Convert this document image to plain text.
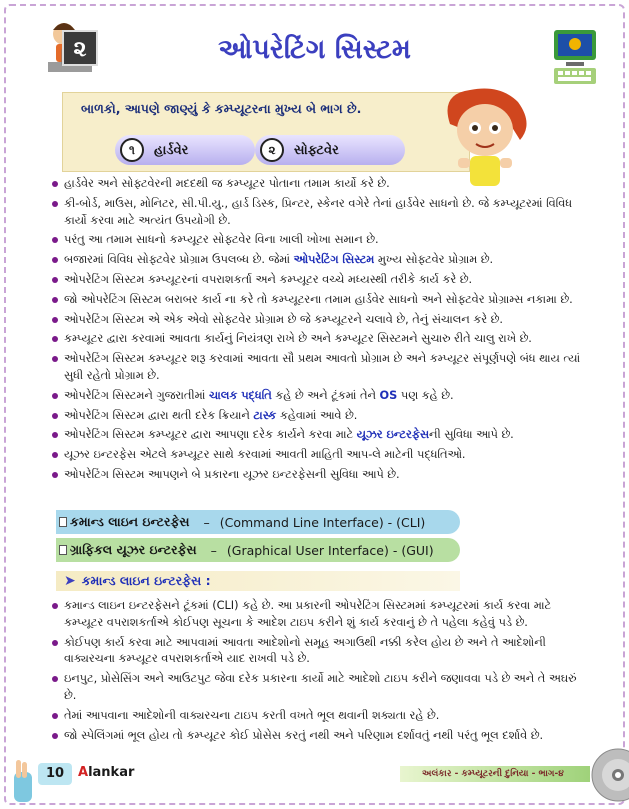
૨	ઓપરેટિંગ સિસ્ટમ
બાળકો, આપણે જાણ્યું કે કમ્પ્યૂટરના મુખ્ય બે ભાગ છે.
૧	હાર્ડવેર	૨	સોફ્ટવેર
હાર્ડવેર અને સોફ્ટવેરની મદદથી જ કમ્પ્યૂટર પોતાના તમામ કાર્યો કરે છે.
કી-બોર્ડ, માઉસ, મોનિટર, સી.પી.યુ., હાર્ડ ડિસ્ક, પ્રિન્ટર, સ્કેનર વગેરે તેનાં હાર્ડવેર સાધનો છે. જે કમ્પ્યૂટરમાં વિવિધ કાર્યો કરવા માટે અત્યંત ઉપયોગી છે.
પરંતુ આ તમામ સાધનો કમ્પ્યૂટર સોફ્ટવેર વિના ખાલી ખોખા સમાન છે.
બજારમાં વિવિધ સોફ્ટવેર પ્રોગ્રામ ઉપલબ્ધ છે. જેમાં ઓપરેટિંગ સિસ્ટમ મુખ્ય સોફ્ટવેર પ્રોગ્રામ છે.
ઓપરેટિંગ સિસ્ટમ કમ્પ્યૂટરનાં વપરાશકર્તા અને કમ્પ્યૂટર વચ્ચે મધ્યસ્થી તરીકે કાર્ય કરે છે.
જો ઓપરેટિંગ સિસ્ટમ બરાબર કાર્ય ના કરે તો કમ્પ્યૂટરના તમામ હાર્ડવેર સાધનો અને સોફ્ટવેર પ્રોગ્રામ્સ નકામા છે.
ઓપરેટિંગ સિસ્ટમ એ એક એવો સોફ્ટવેર પ્રોગ્રામ છે જે કમ્પ્યૂટરને ચલાવે છે, તેનું સંચાલન કરે છે.
કમ્પ્યૂટર દ્વારા કરવામાં આવતા કાર્યનું નિયંત્રણ રાખે છે અને કમ્પ્યૂટર સિસ્ટમને સુચારુ રીતે ચાલુ રાખે છે.
ઓપરેટિંગ સિસ્ટમ કમ્પ્યૂટર શરૂ કરવામાં આવતા સૌ પ્રથમ આવતો પ્રોગ્રામ છે અને કમ્પ્યૂટર સંપૂર્ણપણે બંધ થાય ત્યાં સુધી રહેતો પ્રોગ્રામ છે.
ઓપરેટિંગ સિસ્ટમને ગુજરાતીમાં ચાલક પદ્ધતિ કહે છે અને ટૂંકમાં તેને OS પણ કહે છે.
ઓપરેટિંગ સિસ્ટમ દ્વારા થતી દરેક ક્રિયાને ટાસ્ક કહેવામાં આવે છે.
ઓપરેટિંગ સિસ્ટમ કમ્પ્યૂટર દ્વારા આપણા દરેક કાર્યને કરવા માટે યૂઝર ઇન્ટરફેસની સુવિધા આપે છે.
યૂઝર ઇન્ટરફેસ એટલે કમ્પ્યૂટર સાથે કરવામાં આવતી માહિતી આપ-લે માટેની પદ્ધતિઓ.
ઓપરેટિંગ સિસ્ટમ આપણને બે પ્રકારના યૂઝર ઇન્ટરફેસની સુવિધા આપે છે.
કમાન્ડ લાઇન ઇન્ટરફેસ – (Command Line Interface) - (CLI)
ગ્રાફિકલ યૂઝર ઇન્ટરફેસ – (Graphical User Interface) - (GUI)
➤ કમાન્ડ લાઇન ઇન્ટરફેસ :
કમાન્ડ લાઇન ઇન્ટરફેસને ટૂંકમાં (CLI) કહે છે. આ પ્રકારની ઓપરેટિંગ સિસ્ટમમાં કમ્પ્યૂટરમાં કાર્ય કરવા માટે કમ્પ્યૂટર વપરાશકર્તાએ કોઈપણ સૂચના કે આદેશ ટાઇપ કરીને શું કાર્ય કરવાનું છે તે પહેલા કહેવું પડે છે.
કોઈપણ કાર્ય કરવા માટે આપવામાં આવતા આદેશોનો સમૂહ અગાઉથી નક્કી કરેલ હોય છે અને તે આદેશોની વાક્યરચના કમ્પ્યૂટર વપરાશકર્તાએ યાદ રાખવી પડે છે.
ઇનપુટ, પ્રોસેસિંગ અને આઉટપુટ જેવા દરેક પ્રકારના કાર્યો માટે આદેશો ટાઇપ કરીને જણાવવા પડે છે અને તે અઘરું છે.
તેમાં આપવાના આદેશોની વાક્યરચના ટાઇપ કરતી વખતે ભૂલ થવાની શક્યતા રહે છે.
જો સ્પેલિંગમાં ભૂલ હોય તો કમ્પ્યૂટર કોઈ પ્રોસેસ કરતું નથી અને પરિણામ દર્શાવતું નથી પરંતુ ભૂલ દર્શાવે છે.
10	Alankar	અલંકાર - કમ્પ્યૂટરની દુનિયા - ભાગ-૪
